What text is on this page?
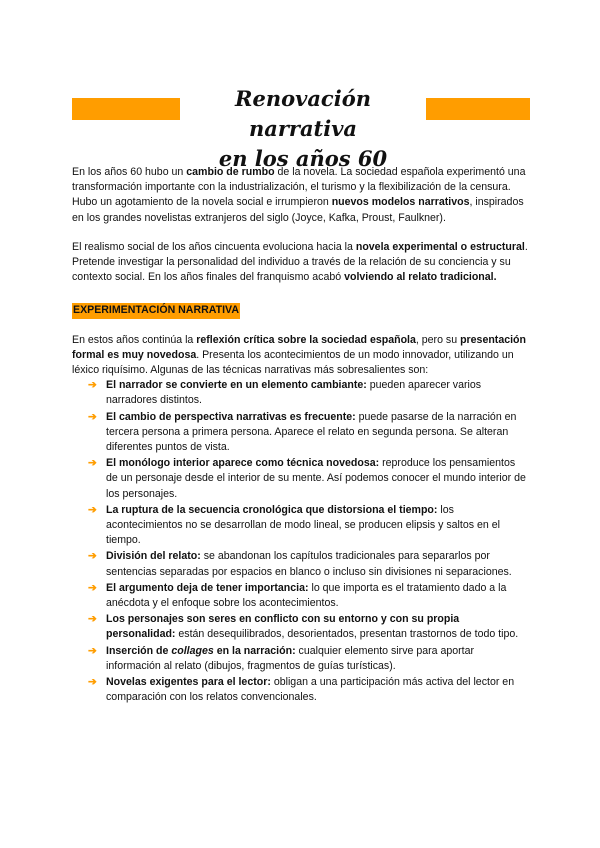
Renovación narrativa
en los años 60

En los años 60 hubo un cambio de rumbo de la novela. La sociedad española experimentó una transformación importante con la industrialización, el turismo y la flexibilización de la censura. Hubo un agotamiento de la novela social e irrumpieron nuevos modelos narrativos, inspirados en los grandes novelistas extranjeros del siglo (Joyce, Kafka, Proust, Faulkner).

El realismo social de los años cincuenta evoluciona hacia la novela experimental o estructural. Pretende investigar la personalidad del individuo a través de la relación de su conciencia y su contexto social. En los años finales del franquismo acabó volviendo al relato tradicional.

EXPERIMENTACIÓN NARRATIVA

En estos años continúa la reflexión crítica sobre la sociedad española, pero su presentación formal es muy novedosa. Presenta los acontecimientos de un modo innovador, utilizando un léxico riquísimo. Algunas de las técnicas narrativas más sobresalientes son:

➔ El narrador se convierte en un elemento cambiante: pueden aparecer varios narradores distintos.
➔ El cambio de perspectiva narrativas es frecuente: puede pasarse de la narración en tercera persona a primera persona. Aparece el relato en segunda persona. Se alteran diferentes puntos de vista.
➔ El monólogo interior aparece como técnica novedosa: reproduce los pensamientos de un personaje desde el interior de su mente. Así podemos conocer el mundo interior de los personajes.
➔ La ruptura de la secuencia cronológica que distorsiona el tiempo: los acontecimientos no se desarrollan de modo lineal, se producen elipsis y saltos en el tiempo.
➔ División del relato: se abandonan los capítulos tradicionales para separarlos por sentencias separadas por espacios en blanco o incluso sin divisiones ni separaciones.
➔ El argumento deja de tener importancia: lo que importa es el tratamiento dado a la anécdota y el enfoque sobre los acontecimientos.
➔ Los personajes son seres en conflicto con su entorno y con su propia personalidad: están desequilibrados, desorientados, presentan trastornos de todo tipo.
➔ Inserción de collages en la narración: cualquier elemento sirve para aportar información al relato (dibujos, fragmentos de guías turísticas).
➔ Novelas exigentes para el lector: obligan a una participación más activa del lector en comparación con los relatos convencionales.
